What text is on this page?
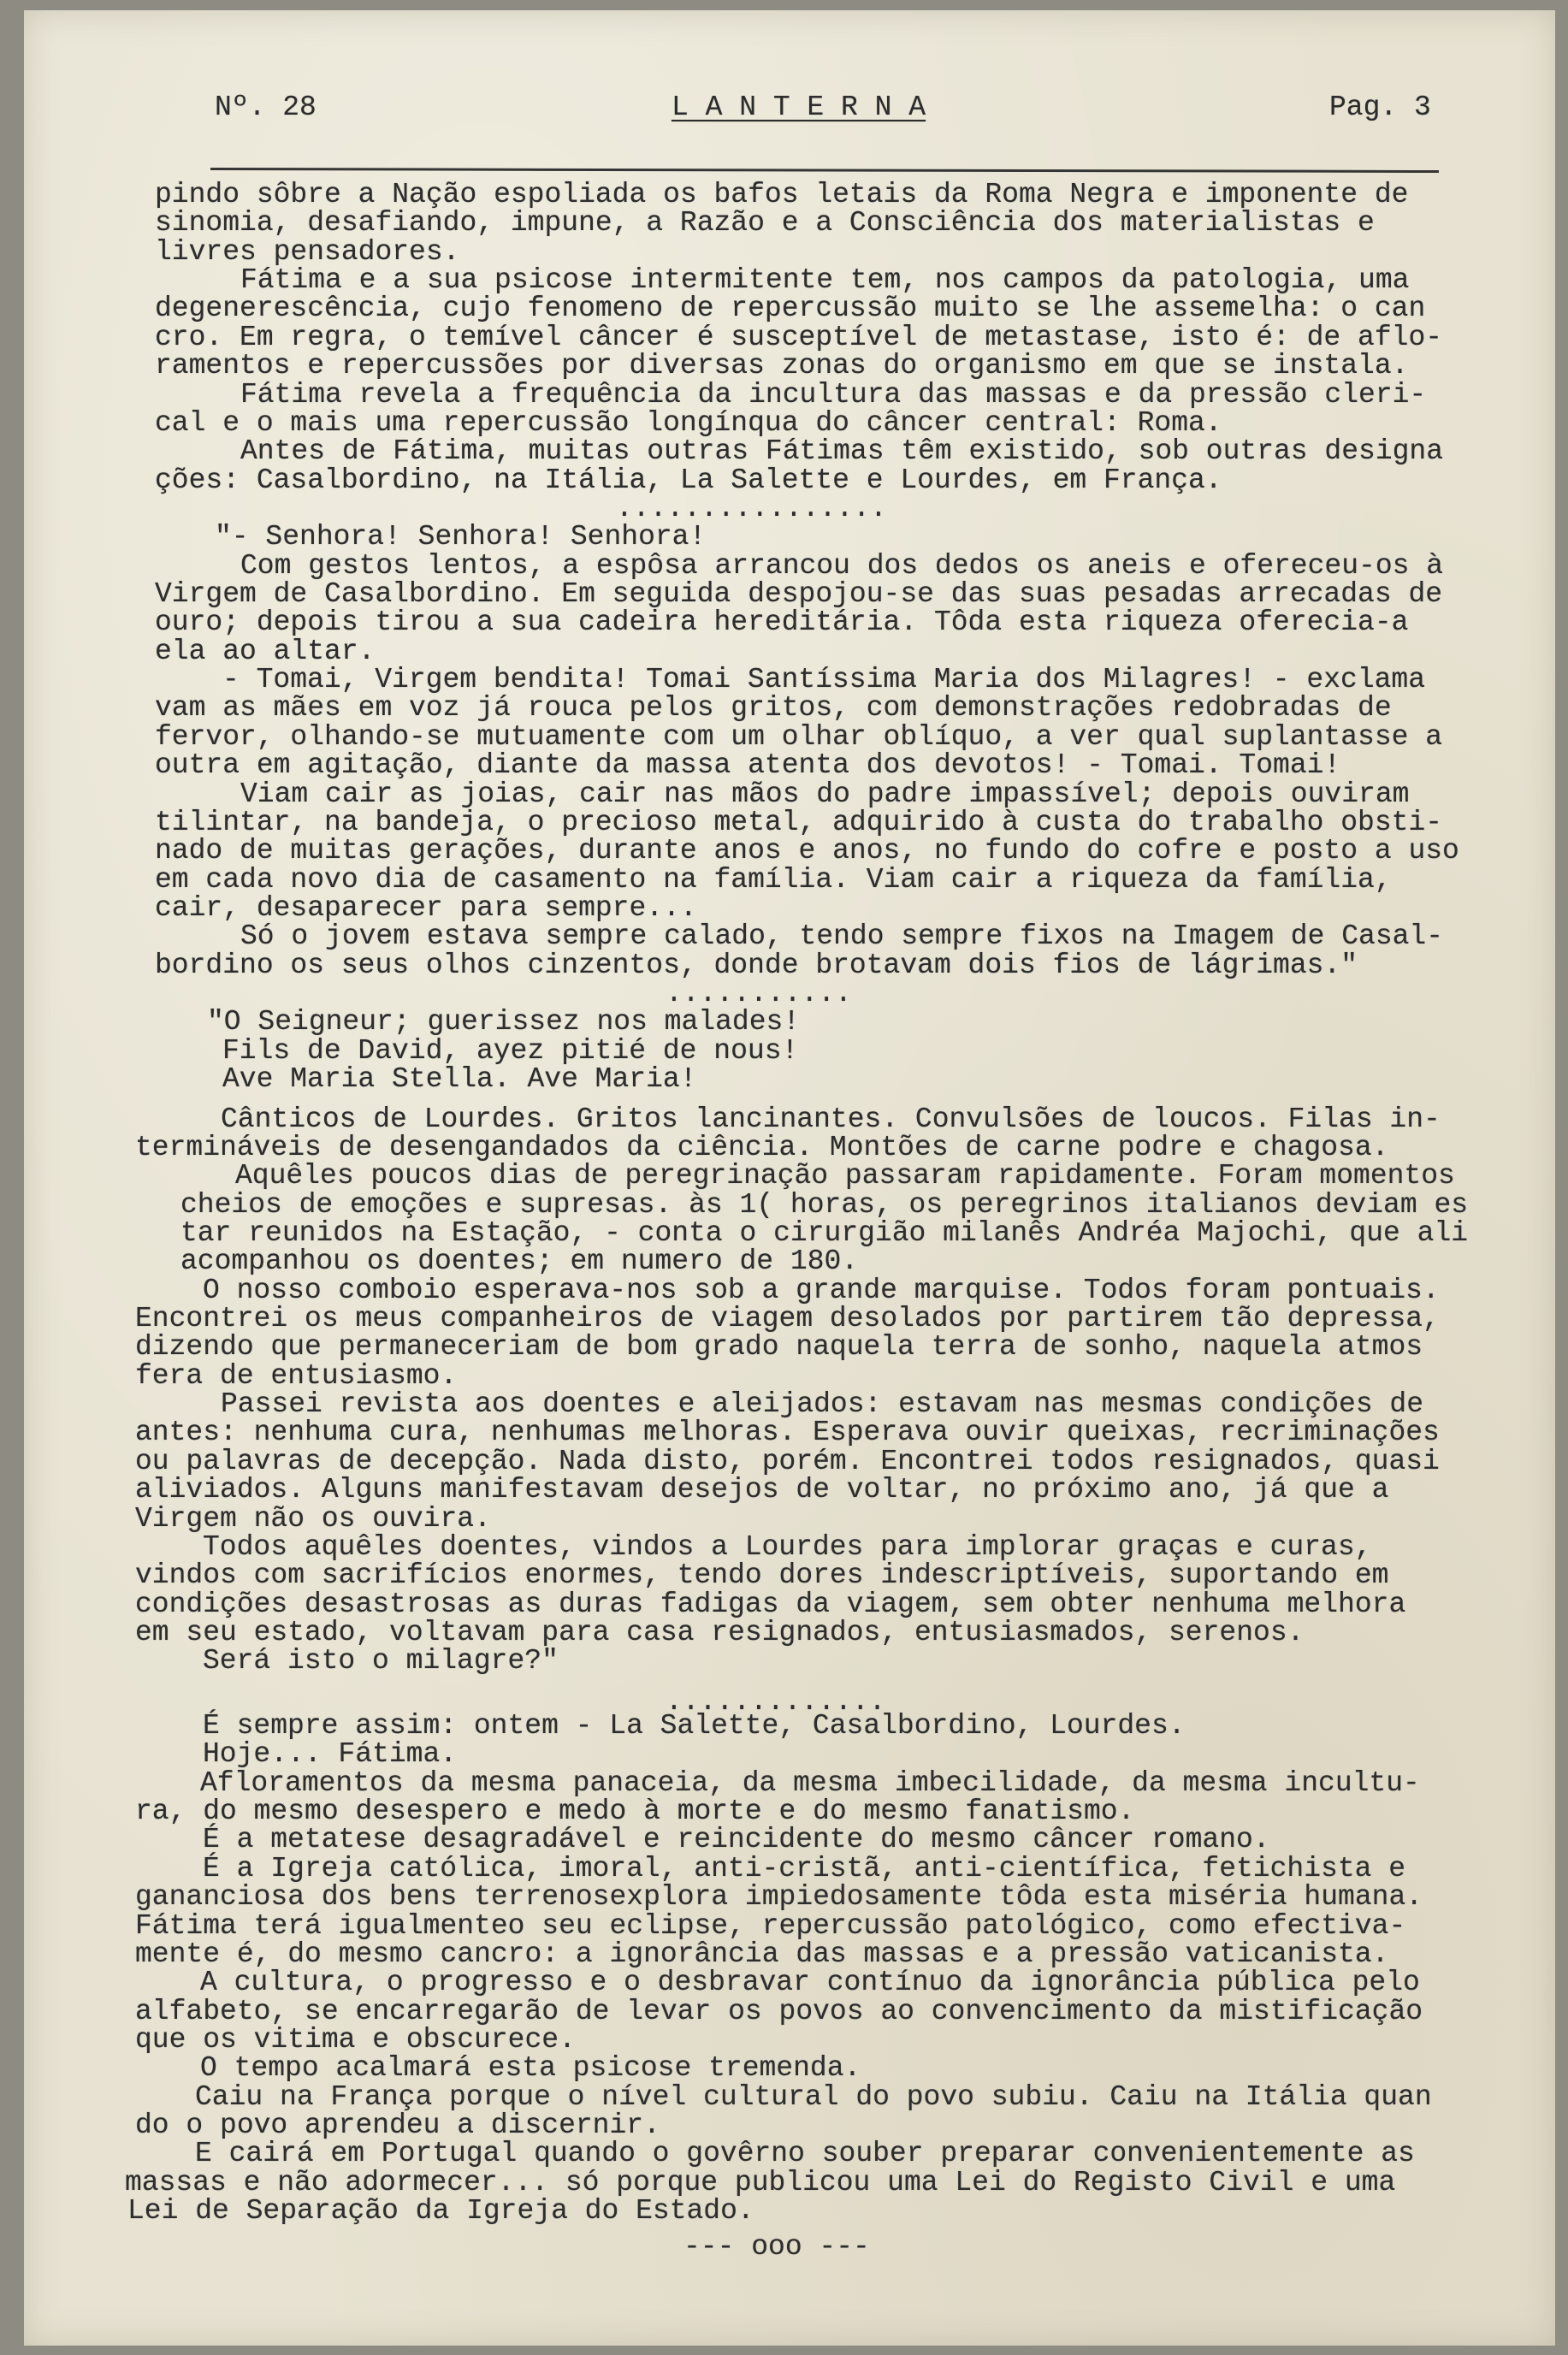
Nº. 28	L A N T E R N A	Pag. 3
pindo sôbre a Nação espoliada os bafos letais da Roma Negra e imponente de
sinomia, desafiando, impune, a Razão e a Consciência dos materialistas e
livres pensadores.
Fátima e a sua psicose intermitente tem, nos campos da patologia, uma
degenerescência, cujo fenomeno de repercussão muito se lhe assemelha: o can
cro. Em regra, o temível câncer é susceptível de metastase, isto é: de aflo-
ramentos e repercussões por diversas zonas do organismo em que se instala.
Fátima revela a frequência da incultura das massas e da pressão cleri-
cal e o mais uma repercussão longínqua do câncer central: Roma.
Antes de Fátima, muitas outras Fátimas têm existido, sob outras designa
ções: Casalbordino, na Itália, La Salette e Lourdes, em França.
................
"- Senhora! Senhora! Senhora!
Com gestos lentos, a espôsa arrancou dos dedos os aneis e ofereceu-os à
Virgem de Casalbordino. Em seguida despojou-se das suas pesadas arrecadas de
ouro; depois tirou a sua cadeira hereditária. Tôda esta riqueza oferecia-a
ela ao altar.
- Tomai, Virgem bendita! Tomai Santíssima Maria dos Milagres! - exclama
vam as mães em voz já rouca pelos gritos, com demonstrações redobradas de
fervor, olhando-se mutuamente com um olhar oblíquo, a ver qual suplantasse a
outra em agitação, diante da massa atenta dos devotos! - Tomai. Tomai!
Viam cair as joias, cair nas mãos do padre impassível; depois ouviram
tilintar, na bandeja, o precioso metal, adquirido à custa do trabalho obsti-
nado de muitas gerações, durante anos e anos, no fundo do cofre e posto a uso
em cada novo dia de casamento na família. Viam cair a riqueza da família,
cair, desaparecer para sempre...
Só o jovem estava sempre calado, tendo sempre fixos na Imagem de Casal-
bordino os seus olhos cinzentos, donde brotavam dois fios de lágrimas."
...........
"O Seigneur; guerissez nos malades!
Fils de David, ayez pitié de nous!
Ave Maria Stella. Ave Maria!
Cânticos de Lourdes. Gritos lancinantes. Convulsões de loucos. Filas in-
termináveis de desengandados da ciência. Montões de carne podre e chagosa.
Aquêles poucos dias de peregrinação passaram rapidamente. Foram momentos
cheios de emoções e supresas. às 1( horas, os peregrinos italianos deviam es
tar reunidos na Estação, - conta o cirurgião milanês Andréa Majochi, que ali
acompanhou os doentes; em numero de 180.
O nosso comboio esperava-nos sob a grande marquise. Todos foram pontuais.
Encontrei os meus companheiros de viagem desolados por partirem tão depressa,
dizendo que permaneceriam de bom grado naquela terra de sonho, naquela atmos
fera de entusiasmo.
Passei revista aos doentes e aleijados: estavam nas mesmas condições de
antes: nenhuma cura, nenhumas melhoras. Esperava ouvir queixas, recriminações
ou palavras de decepção. Nada disto, porém. Encontrei todos resignados, quasi
aliviados. Alguns manifestavam desejos de voltar, no próximo ano, já que a
Virgem não os ouvira.
Todos aquêles doentes, vindos a Lourdes para implorar graças e curas,
vindos com sacrifícios enormes, tendo dores indescriptíveis, suportando em
condições desastrosas as duras fadigas da viagem, sem obter nenhuma melhora
em seu estado, voltavam para casa resignados, entusiasmados, serenos.
Será isto o milagre?"
.............
É sempre assim: ontem - La Salette, Casalbordino, Lourdes.
Hoje... Fátima.
Afloramentos da mesma panaceia, da mesma imbecilidade, da mesma incultu-
ra, do mesmo desespero e medo à morte e do mesmo fanatismo.
É a metatese desagradável e reincidente do mesmo câncer romano.
É a Igreja católica, imoral, anti-cristã, anti-científica, fetichista e
gananciosa dos bens terrenosexplora impiedosamente tôda esta miséria humana.
Fátima terá igualmenteo seu eclipse, repercussão patológico, como efectiva-
mente é, do mesmo cancro: a ignorância das massas e a pressão vaticanista.
A cultura, o progresso e o desbravar contínuo da ignorância pública pelo
alfabeto, se encarregarão de levar os povos ao convencimento da mistificação
que os vitima e obscurece.
O tempo acalmará esta psicose tremenda.
Caiu na França porque o nível cultural do povo subiu. Caiu na Itália quan
do o povo aprendeu a discernir.
E cairá em Portugal quando o govêrno souber preparar convenientemente as
massas e não adormecer... só porque publicou uma Lei do Registo Civil e uma
Lei de Separação da Igreja do Estado.
--- ooo ---
